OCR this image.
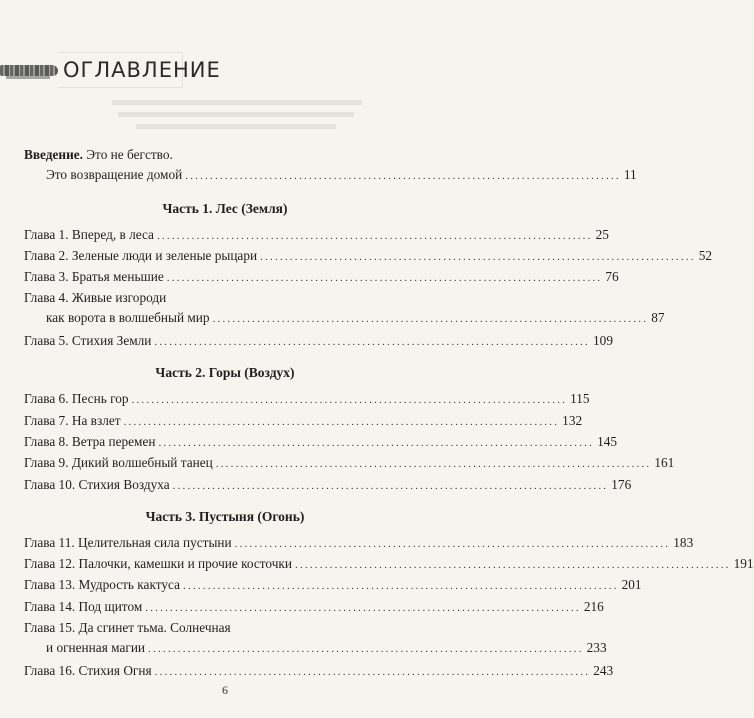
ОГЛАВЛЕНИЕ
Введение. Это не бегство.
Это возвращение домой ........................................................................................ 11
Часть 1. Лес (Земля)
Глава 1. Вперед, в леса ........................................................................................ 25
Глава 2. Зеленые люди и зеленые рыцари ........................................................................................ 52
Глава 3. Братья меньшие ........................................................................................ 76
Глава 4. Живые изгороди
как ворота в волшебный мир ........................................................................................ 87
Глава 5. Стихия Земли ........................................................................................ 109
Часть 2. Горы (Воздух)
Глава 6. Песнь гор ........................................................................................ 115
Глава 7. На взлет ........................................................................................ 132
Глава 8. Ветра перемен ........................................................................................ 145
Глава 9. Дикий волшебный танец ........................................................................................ 161
Глава 10. Стихия Воздуха ........................................................................................ 176
Часть 3. Пустыня (Огонь)
Глава 11. Целительная сила пустыни ........................................................................................ 183
Глава 12. Палочки, камешки и прочие косточки ........................................................................................ 191
Глава 13. Мудрость кактуса ........................................................................................ 201
Глава 14. Под щитом ........................................................................................ 216
Глава 15. Да сгинет тьма. Солнечная
и огненная магии ........................................................................................ 233
Глава 16. Стихия Огня ........................................................................................ 243
6
